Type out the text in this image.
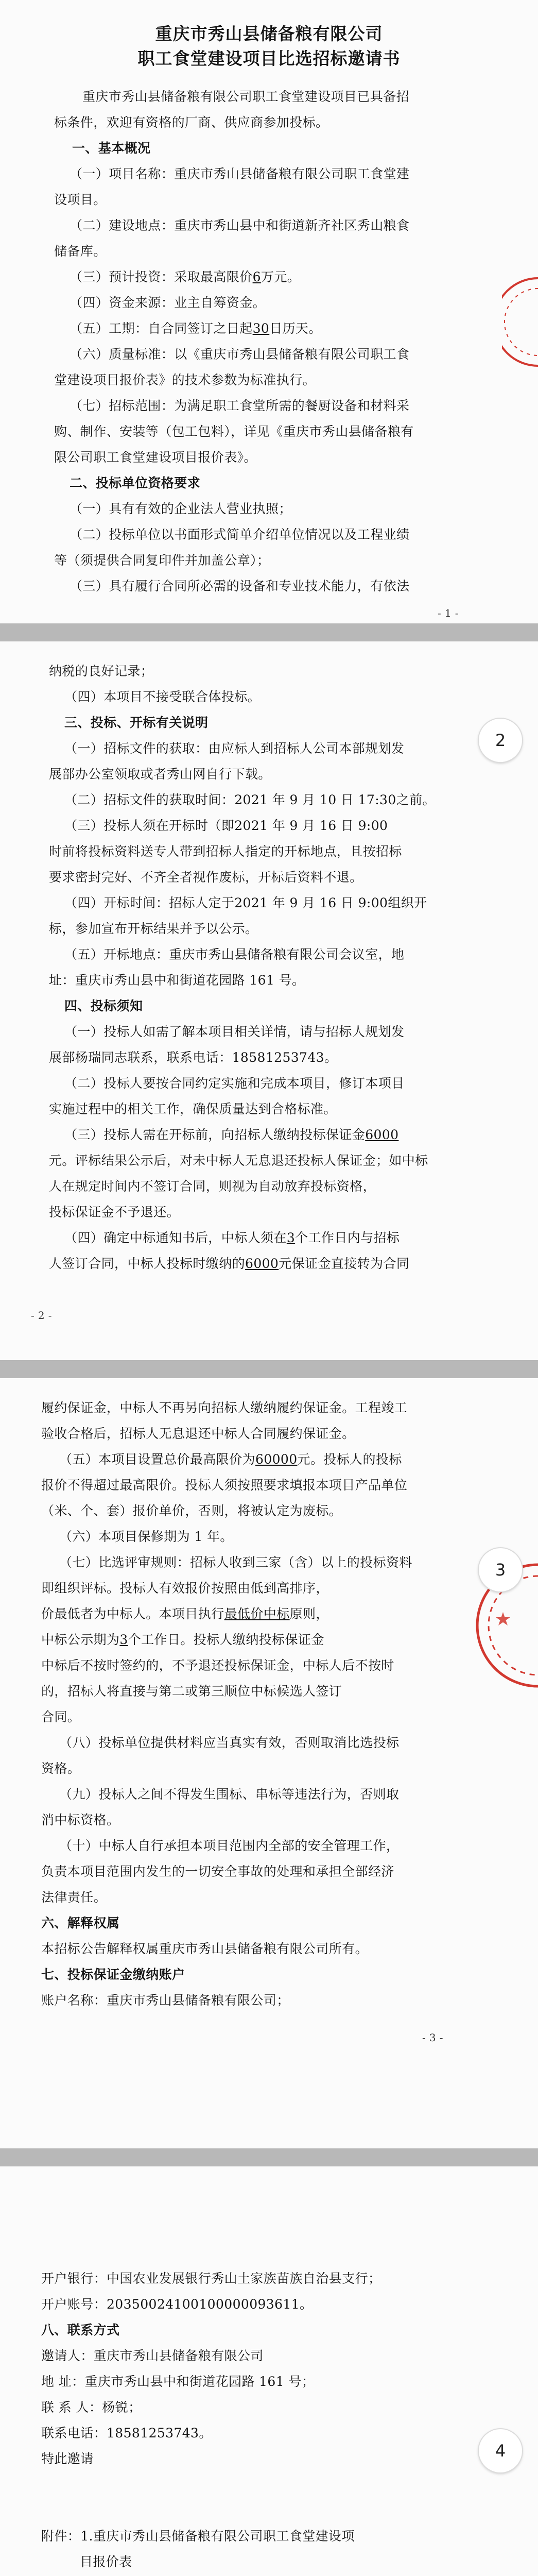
重庆市秀山县储备粮有限公司
职工食堂建设项目比选招标邀请书
重庆市秀山县储备粮有限公司职工食堂建设项目已具备招
标条件，欢迎有资格的厂商、供应商参加投标。
一、基本概况
（一）项目名称：重庆市秀山县储备粮有限公司职工食堂建
设项目。
（二）建设地点：重庆市秀山县中和街道新齐社区秀山粮食
储备库。
（三）预计投资：采取最高限价6万元。
（四）资金来源：业主自筹资金。
（五）工期：自合同签订之日起30日历天。
（六）质量标准：以《重庆市秀山县储备粮有限公司职工食
堂建设项目报价表》的技术参数为标准执行。
（七）招标范围：为满足职工食堂所需的餐厨设备和材料采
购、制作、安装等（包工包料），详见《重庆市秀山县储备粮有
限公司职工食堂建设项目报价表》。
二、投标单位资格要求
（一）具有有效的企业法人营业执照；
（二）投标单位以书面形式简单介绍单位情况以及工程业绩
等（须提供合同复印件并加盖公章）；
（三）具有履行合同所必需的设备和专业技术能力，有依法
- 1 -
纳税的良好记录；
（四）本项目不接受联合体投标。
三、投标、开标有关说明
（一）招标文件的获取：由应标人到招标人公司本部规划发
展部办公室领取或者秀山网自行下载。
（二）招标文件的获取时间：2021 年 9 月 10 日 17:30之前。
（三）投标人须在开标时（即2021 年 9 月 16 日 9:00
时前将投标资料送专人带到招标人指定的开标地点，且按招标
要求密封完好、不齐全者视作废标，开标后资料不退。
（四）开标时间：招标人定于2021 年 9 月 16 日 9:00组织开
标，参加宣布开标结果并予以公示。
（五）开标地点：重庆市秀山县储备粮有限公司会议室，地
址：重庆市秀山县中和街道花园路 161 号。
四、投标须知
（一）投标人如需了解本项目相关详情，请与招标人规划发
展部杨瑞同志联系，联系电话：18581253743。
（二）投标人要按合同约定实施和完成本项目，修订本项目
实施过程中的相关工作，确保质量达到合格标准。
（三）投标人需在开标前，向招标人缴纳投标保证金6000
元。评标结果公示后，对未中标人无息退还投标人保证金；如中标
人在规定时间内不签订合同，则视为自动放弃投标资格，
投标保证金不予退还。
（四）确定中标通知书后，中标人须在3个工作日内与招标
人签订合同，中标人投标时缴纳的6000元保证金直接转为合同
- 2 -
2
履约保证金，中标人不再另向招标人缴纳履约保证金。工程竣工
验收合格后，招标人无息退还中标人合同履约保证金。
（五）本项目设置总价最高限价为60000元。投标人的投标
报价不得超过最高限价。投标人须按照要求填报本项目产品单位
（米、个、套）报价单价，否则，将被认定为废标。
（六）本项目保修期为 1 年。
（七）比选评审规则：招标人收到三家（含）以上的投标资料
即组织评标。投标人有效报价按照由低到高排序，
价最低者为中标人。本项目执行最低价中标原则，
中标公示期为3个工作日。投标人缴纳投标保证金
中标后不按时签约的，不予退还投标保证金，中标人后不按时
的，招标人将直接与第二或第三顺位中标候选人签订
合同。
（八）投标单位提供材料应当真实有效，否则取消比选投标
资格。
（九）投标人之间不得发生围标、串标等违法行为，否则取
消中标资格。
（十）中标人自行承担本项目范围内全部的安全管理工作，
负责本项目范围内发生的一切安全事故的处理和承担全部经济
法律责任。
六、解释权属
本招标公告解释权属重庆市秀山县储备粮有限公司所有。
七、投标保证金缴纳账户
账户名称：重庆市秀山县储备粮有限公司；
- 3 -
3
开户银行：中国农业发展银行秀山土家族苗族自治县支行；
开户账号：20350024100100000093611。
八、联系方式
邀请人：重庆市秀山县储备粮有限公司
地 址：重庆市秀山县中和街道花园路 161 号；
联 系 人：杨锐；
联系电话：18581253743。
特此邀请
附件：1.重庆市秀山县储备粮有限公司职工食堂建设项
目报价表
4
